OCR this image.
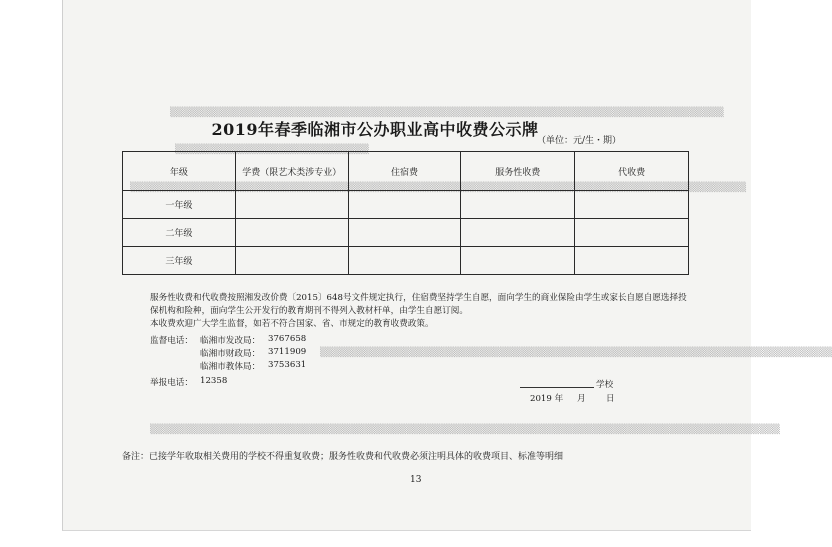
▒▒▒▒▒▒▒▒▒▒▒▒▒▒▒▒▒▒▒▒▒▒▒▒▒▒▒▒▒▒▒▒▒▒▒▒▒▒▒▒▒▒▒▒▒▒▒▒▒▒▒▒▒▒▒▒▒▒▒▒▒▒▒▒▒▒▒▒▒▒▒▒▒▒▒▒▒▒▒▒
▒▒▒▒▒▒▒▒▒▒▒▒▒▒▒▒▒▒▒▒▒▒▒▒▒▒▒▒
▒▒▒▒▒▒▒▒▒▒▒▒▒▒▒▒▒▒▒▒▒▒▒▒▒▒▒▒▒▒▒▒▒▒▒▒▒▒▒▒▒▒▒▒▒▒▒▒▒▒▒▒▒▒▒▒▒▒▒▒▒▒▒▒▒▒▒▒▒▒▒▒▒▒▒▒▒▒▒▒▒▒▒▒▒▒▒▒▒
▒▒▒▒▒▒▒▒▒▒▒▒▒▒▒▒▒▒▒▒▒▒▒▒▒▒▒▒▒▒▒▒▒▒▒▒▒▒▒▒▒▒▒▒▒▒▒▒▒▒▒▒▒▒▒▒▒▒▒▒▒▒▒▒▒▒▒▒▒▒▒▒▒▒
▒▒▒▒▒▒▒▒▒▒▒▒▒▒▒▒▒▒▒▒▒▒▒▒▒▒▒▒▒▒▒▒▒▒▒▒▒▒▒▒▒▒▒▒▒▒▒▒▒▒▒▒▒▒▒▒▒▒▒▒▒▒▒▒▒▒▒▒▒▒▒▒▒▒▒▒▒▒▒▒▒▒▒▒▒▒▒▒▒▒▒
2019年春季临湘市公办职业高中收费公示牌
（单位：元/生・期）
年级	学费（限艺术类涉专业）	住宿费	服务性收费	代收费
一年级				
二年级				
三年级				

服务性收费和代收费按照湘发改价费〔2015〕648号文件规定执行，住宿费坚持学生自愿，面向学生的商业保险由学生或家长自愿自愿选择投保机构和险种，面向学生公开发行的教育期刊不得列入教材杆单，由学生自愿订阅。

本收费欢迎广大学生监督，如若不符合国家、省、市规定的教育收费政策。

监督电话： 临湘市发改局： 3767658
临湘市财政局： 3711909
临湘市教体局： 3753631
举报电话： 12358	学校
2019 年 月 日
备注：已接学年收取相关费用的学校不得重复收费；服务性收费和代收费必须注明具体的收费项目、标准等明细
13
